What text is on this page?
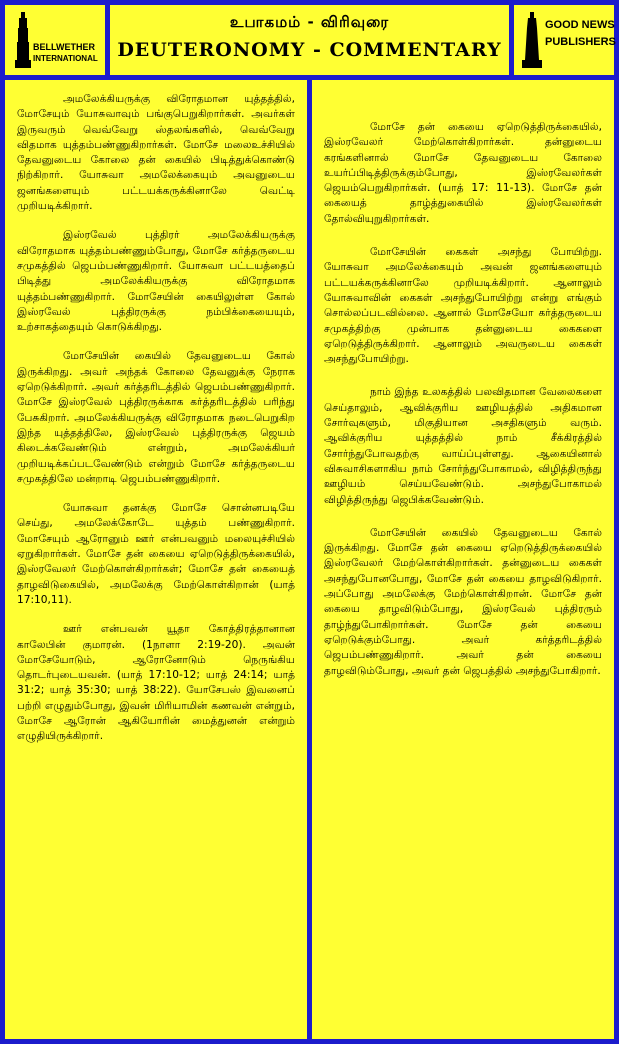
BELLWETHER
INTERNATIONAL
உபாகமம் - விரிவுரை
DEUTERONOMY - COMMENTARY
GOOD NEWS
PUBLISHERS

அமலேக்கியருக்கு விரோதமான யுத்தத்தில், மோசேயும் யோசுவாவும் பங்குபெறுகிறார்கள். அவர்கள் இருவரும் வெவ்வேறு ஸ்தலங்களில், வெவ்வேறு விதமாக யுத்தம்பண்ணுகிறார்கள். மோசே மலைஉச்சியில் தேவனுடைய கோலை தன் கையில் பிடித்துக்கொண்டு நிற்கிறார். யோசுவா அமலேக்கையும் அவனுடைய ஜனங்களையும் பட்டயக்கருக்கினாலே வெட்டி முறியடிக்கிறார்.

இஸ்ரவேல் புத்திரர் அமலேக்கியருக்கு விரோதமாக யுத்தம்பண்ணும்போது, மோசே கர்த்தருடைய சமுகத்தில் ஜெபம்பண்ணுகிறார். யோசுவா பட்டயத்தைப் பிடித்து அமலேக்கியருக்கு விரோதமாக யுத்தம்பண்ணுகிறார். மோசேயின் கையிலுள்ள கோல் இஸ்ரவேல் புத்திரருக்கு நம்பிக்கையையும், உற்சாகத்தையும் கொடுக்கிறது.

மோசேயின் கையில் தேவனுடைய கோல் இருக்கிறது. அவர் அந்தக் கோலை தேவனுக்கு நேராக ஏறெடுக்கிறார். அவர் கர்த்தரிடத்தில் ஜெபம்பண்ணுகிறார். மோசே இஸ்ரவேல் புத்திரருக்காக கர்த்தரிடத்தில் பரிந்து பேசுகிறார். அமலேக்கியருக்கு விரோதமாக நடைபெறுகிற இந்த யுத்தத்திலே, இஸ்ரவேல் புத்திரருக்கு ஜெயம் கிடைக்கவேண்டும் என்றும், அமலேக்கியர் முறியடிக்கப்படவேண்டும் என்றும் மோசே கர்த்தருடைய சமுகத்திலே மன்றாடி ஜெபம்பண்ணுகிறார்.

யோசுவா தனக்கு மோசே சொன்னபடியே செய்து, அமலேக்கோடே யுத்தம் பண்ணுகிறார். மோசேயும் ஆரோனும் ஊர் என்பவனும் மலையுச்சியில் ஏறுகிறார்கள். மோசே தன் கையை ஏறெடுத்திருக்கையில், இஸ்ரவேலர் மேற்கொள்கிறார்கள்; மோசே தன் கையைத் தாழவிடுகையில், அமலேக்கு மேற்கொள்கிறான் (யாத் 17:10,11).

ஊர் என்பவன் யூதா கோத்திரத்தானான காலேபின் குமாரன். (1நாளா 2:19-20). அவன் மோசேயோடும், ஆரோனோடும் நெருங்கிய தொடர்புடையவன். (யாத் 17:10-12; யாத் 24:14; யாத் 31:2; யாத் 35:30; யாத் 38:22). யோசேபஸ் இவனைப் பற்றி எழுதும்போது, இவன் மிரியாமின் கணவன் என்றும், மோசே ஆரோன் ஆகியோரின் மைத்துனன் என்றும் எழுதியிருக்கிறார்.

மோசே தன் கையை ஏறெடுத்திருக்கையில், இஸ்ரவேலர் மேற்கொள்கிறார்கள். தன்னுடைய கரங்களினால் மோசே தேவனுடைய கோலை உயர்ப்பிடித்திருக்கும்போது, இஸ்ரவேலர்கள் ஜெயம்பெறுகிறார்கள். (யாத் 17: 11-13). மோசே தன் கையைத் தாழ்த்துகையில் இஸ்ரவேலர்கள் தோல்வியுறுகிறார்கள்.

மோசேயின் கைகள் அசந்து போயிற்று. யோசுவா அமலேக்கையும் அவன் ஜனங்களையும் பட்டயக்கருக்கினாலே முறியடிக்கிறார். ஆனாலும் யோசுவாவின் கைகள் அசந்துபோயிற்று என்று எங்கும் சொல்லப்படவில்லை. ஆனால் மோசேயோ கர்த்தருடைய சமுகத்திற்கு முன்பாக தன்னுடைய கைகளை ஏறெடுத்திருக்கிறார். ஆனாலும் அவருடைய கைகள் அசந்துபோயிற்று.

நாம் இந்த உலகத்தில் பலவிதமான வேலைகளை செய்தாலும், ஆவிக்குரிய ஊழியத்தில் அதிகமான சோர்வுகளும், மிகுதியான அசதிகளும் வரும். ஆவிக்குரிய யுத்தத்தில் நாம் சீக்கிரத்தில் சோர்ந்துபோவதற்கு வாய்ப்புள்ளது. ஆகையினால் விசுவாசிகளாகிய நாம் சோர்ந்துபோகாமல், விழித்திருந்து ஊழியம் செய்யவேண்டும். அசந்துபோகாமல் விழித்திருந்து ஜெபிக்கவேண்டும்.

மோசேயின் கையில் தேவனுடைய கோல் இருக்கிறது. மோசே தன் கையை ஏறெடுத்திருக்கையில் இஸ்ரவேலர் மேற்கொள்கிறார்கள். தன்னுடைய கைகள் அசந்துபோனபோது, மோசே தன் கையை தாழவிடுகிறார். அப்போது அமலேக்கு மேற்கொள்கிறான். மோசே தன் கையை தாழவிடும்போது, இஸ்ரவேல் புத்திரரும் தாழ்ந்துபோகிறார்கள். மோசே தன் கையை ஏறெடுக்கும்போது. அவர் கர்த்தரிடத்தில் ஜெபம்பண்ணுகிறார். அவர் தன் கையை தாழவிடும்போது, அவர் தன் ஜெபத்தில் அசந்துபோகிறார்.
